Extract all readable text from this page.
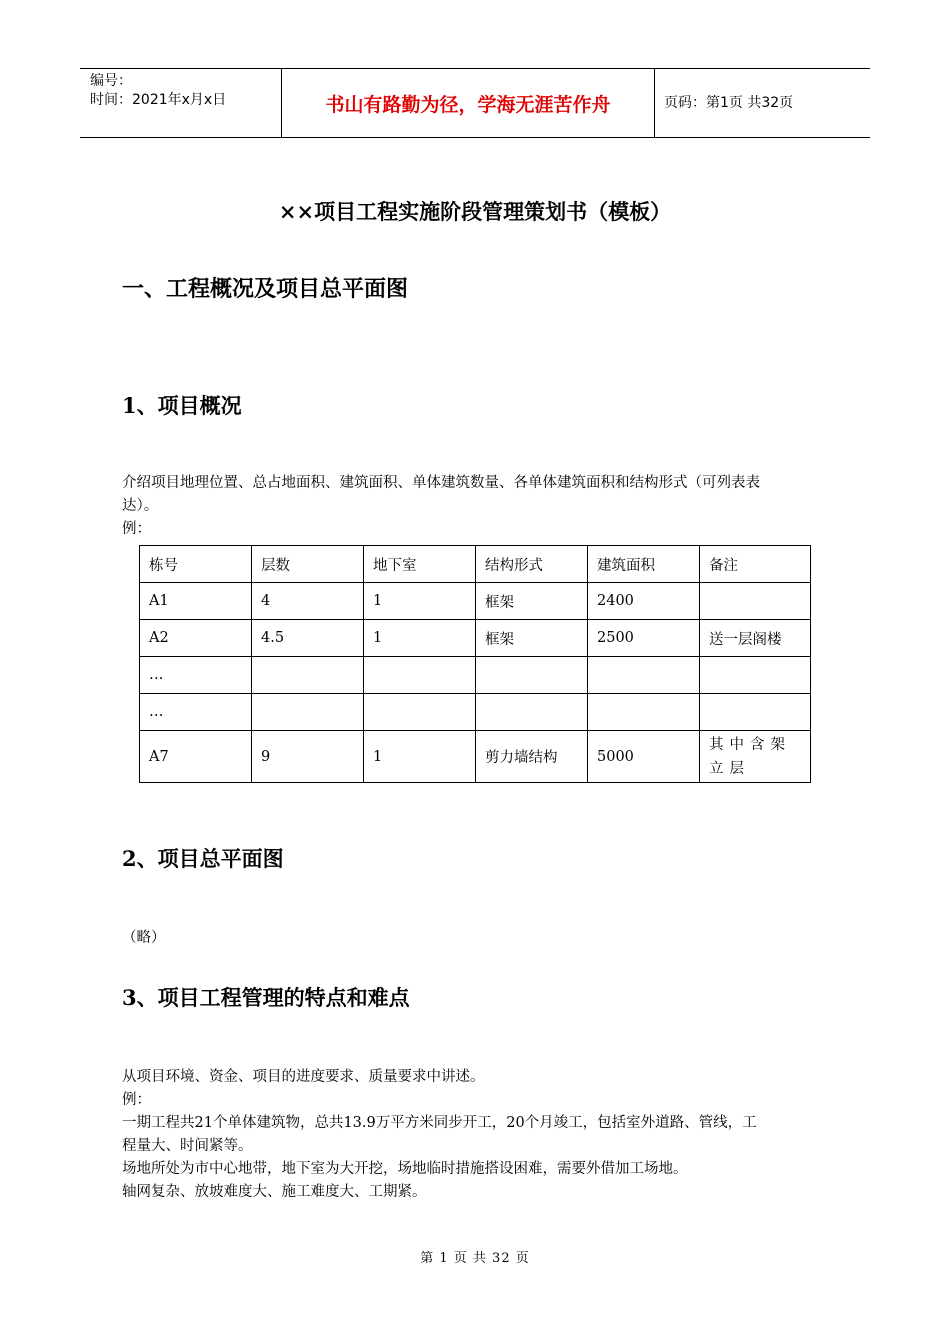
编号：
时间：2021年x月x日	书山有路勤为径，学海无涯苦作舟	页码：第1页 共32页
××项目工程实施阶段管理策划书（模板）
一、工程概况及项目总平面图
1、项目概况
介绍项目地理位置、总占地面积、建筑面积、单体建筑数量、各单体建筑面积和结构形式（可列表表
达）。
例：
栋号	层数	地下室	结构形式	建筑面积	备注
A1	4	1	框架	2400	
A2	4.5	1	框架	2500	送一层阁楼
…					
…					
A7	9	1	剪力墙结构	5000	其中含架立层
2、项目总平面图
（略）
3、项目工程管理的特点和难点
从项目环境、资金、项目的进度要求、质量要求中讲述。
例：
一期工程共21个单体建筑物，总共13.9万平方米同步开工，20个月竣工，包括室外道路、管线，工
程量大、时间紧等。
场地所处为市中心地带，地下室为大开挖，场地临时措施搭设困难，需要外借加工场地。
轴网复杂、放坡难度大、施工难度大、工期紧。
第 1 页 共 32 页
